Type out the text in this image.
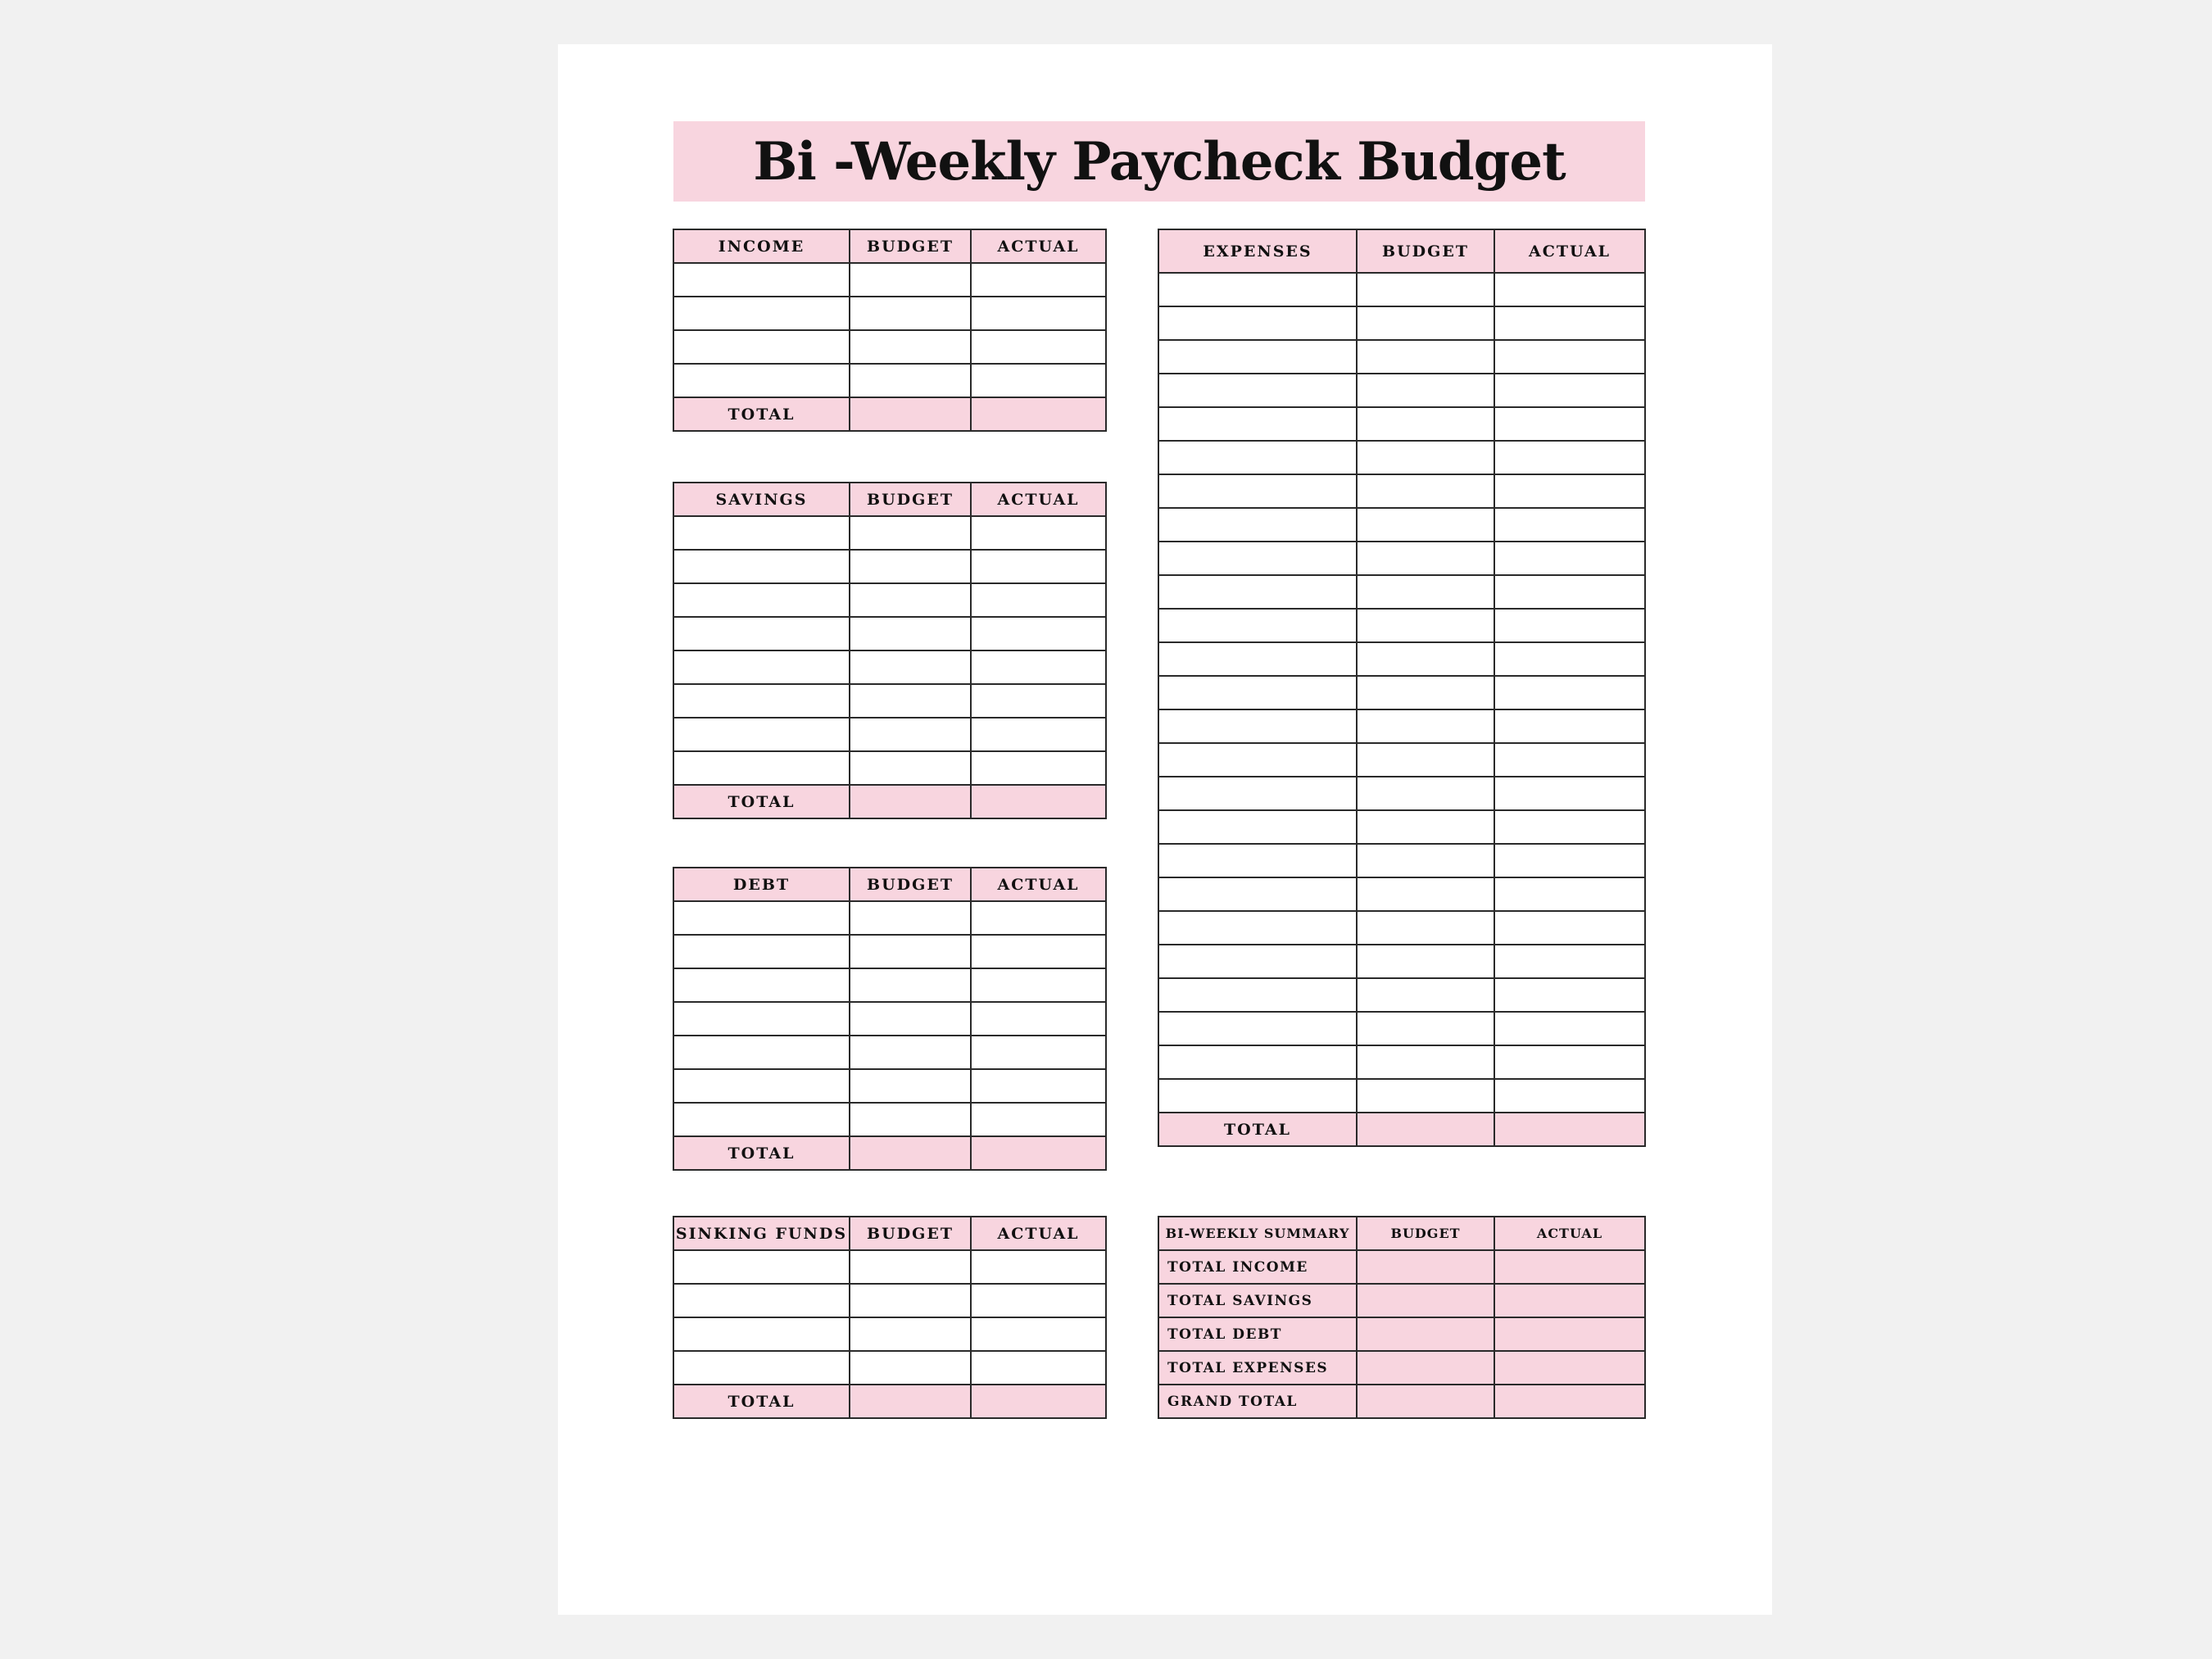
Bi -Weekly Paycheck Budget
INCOME	BUDGET	ACTUAL

TOTAL		
SAVINGS	BUDGET	ACTUAL

TOTAL		
DEBT	BUDGET	ACTUAL

TOTAL		
SINKING FUNDS	BUDGET	ACTUAL

TOTAL		
EXPENSES	BUDGET	ACTUAL

TOTAL		
BI-WEEKLY SUMMARY	BUDGET	ACTUAL
TOTAL INCOME		
TOTAL SAVINGS		
TOTAL DEBT		
TOTAL EXPENSES		
GRAND TOTAL		
